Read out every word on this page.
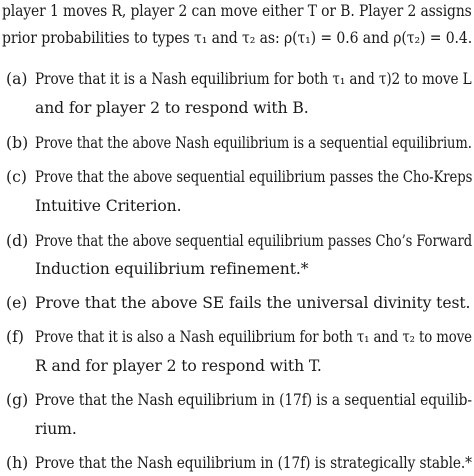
player 1 moves R, player 2 can move either T or B. Player 2 assigns
prior probabilities to types τ₁ and τ₂ as: ρ(τ₁) = 0.6 and ρ(τ₂) = 0.4.
(a) Prove that it is a Nash equilibrium for both τ₁ and τ)2 to move L
and for player 2 to respond with B.
(b) Prove that the above Nash equilibrium is a sequential equilibrium.
(c) Prove that the above sequential equilibrium passes the Cho-Kreps
Intuitive Criterion.
(d) Prove that the above sequential equilibrium passes Cho’s Forward
Induction equilibrium refinement.*
(e) Prove that the above SE fails the universal divinity test.
(f) Prove that it is also a Nash equilibrium for both τ₁ and τ₂ to move
R and for player 2 to respond with T.
(g) Prove that the Nash equilibrium in (17f) is a sequential equilib-
rium.
(h) Prove that the Nash equilibrium in (17f) is strategically stable.*
